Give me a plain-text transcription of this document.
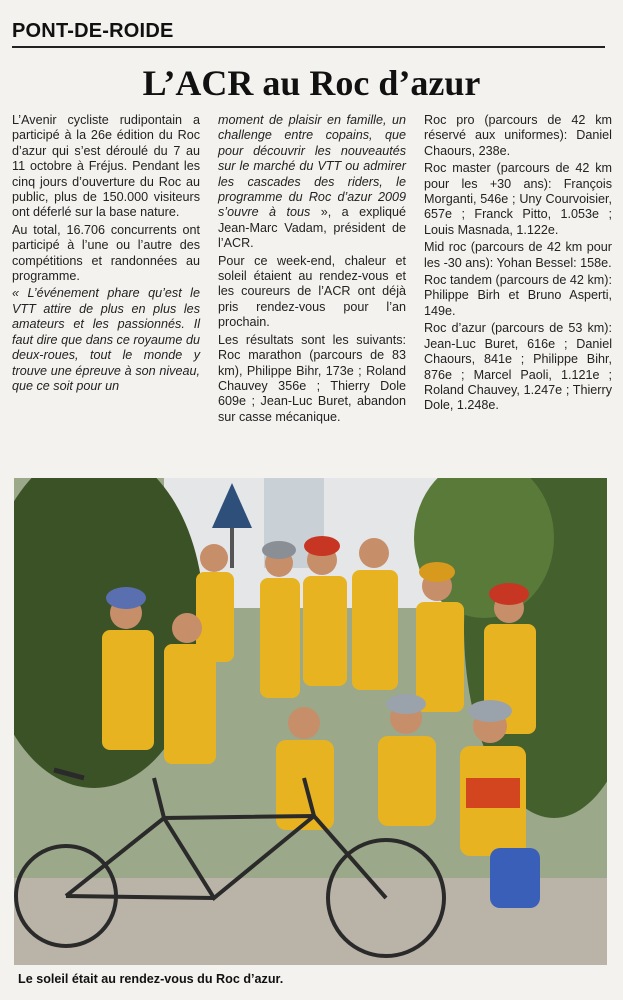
PONT-DE-ROIDE
L’ACR au Roc d’azur

L’Avenir cycliste rudipontain a participé à la 26e édition du Roc d’azur qui s’est déroulé du 7 au 11 octobre à Fréjus. Pendant les cinq jours d’ouverture du Roc au public, plus de 150.000 visiteurs ont déferlé sur la base nature.

Au total, 16.706 concurrents ont participé à l’une ou l’autre des compétitions et randonnées au programme.

« L’événement phare qu’est le VTT attire de plus en plus les amateurs et les passionnés. Il faut dire que dans ce royaume du deux-roues, tout le monde y trouve une épreuve à son niveau, que ce soit pour un

moment de plaisir en famille, un challenge entre copains, que pour découvrir les nouveautés sur le marché du VTT ou admirer les cascades des riders, le programme du Roc d’azur 2009 s’ouvre à tous », a expliqué Jean-Marc Vadam, président de l’ACR.

Pour ce week-end, chaleur et soleil étaient au rendez-vous et les coureurs de l’ACR ont déjà pris rendez-vous pour l’an prochain.

Les résultats sont les suivants: Roc marathon (parcours de 83 km), Philippe Bihr, 173e ; Roland Chauvey 356e ; Thierry Dole 609e ; Jean-Luc Buret, abandon sur casse mécanique.

Roc pro (parcours de 42 km réservé aux uniformes): Daniel Chaours, 238e.

Roc master (parcours de 42 km pour les +30 ans): François Morganti, 546e ; Uny Courvoisier, 657e ; Franck Pitto, 1.053e ; Louis Masnada, 1.122e.

Mid roc (parcours de 42 km pour les -30 ans): Yohan Bessel: 158e.

Roc tandem (parcours de 42 km): Philippe Birh et Bruno Asperti, 149e.

Roc d’azur (parcours de 53 km): Jean-Luc Buret, 616e ; Daniel Chaours, 841e ; Philippe Bihr, 876e ; Marcel Paoli, 1.121e ; Roland Chauvey, 1.247e ; Thierry Dole, 1.248e.

Le soleil était au rendez-vous du Roc d’azur.
